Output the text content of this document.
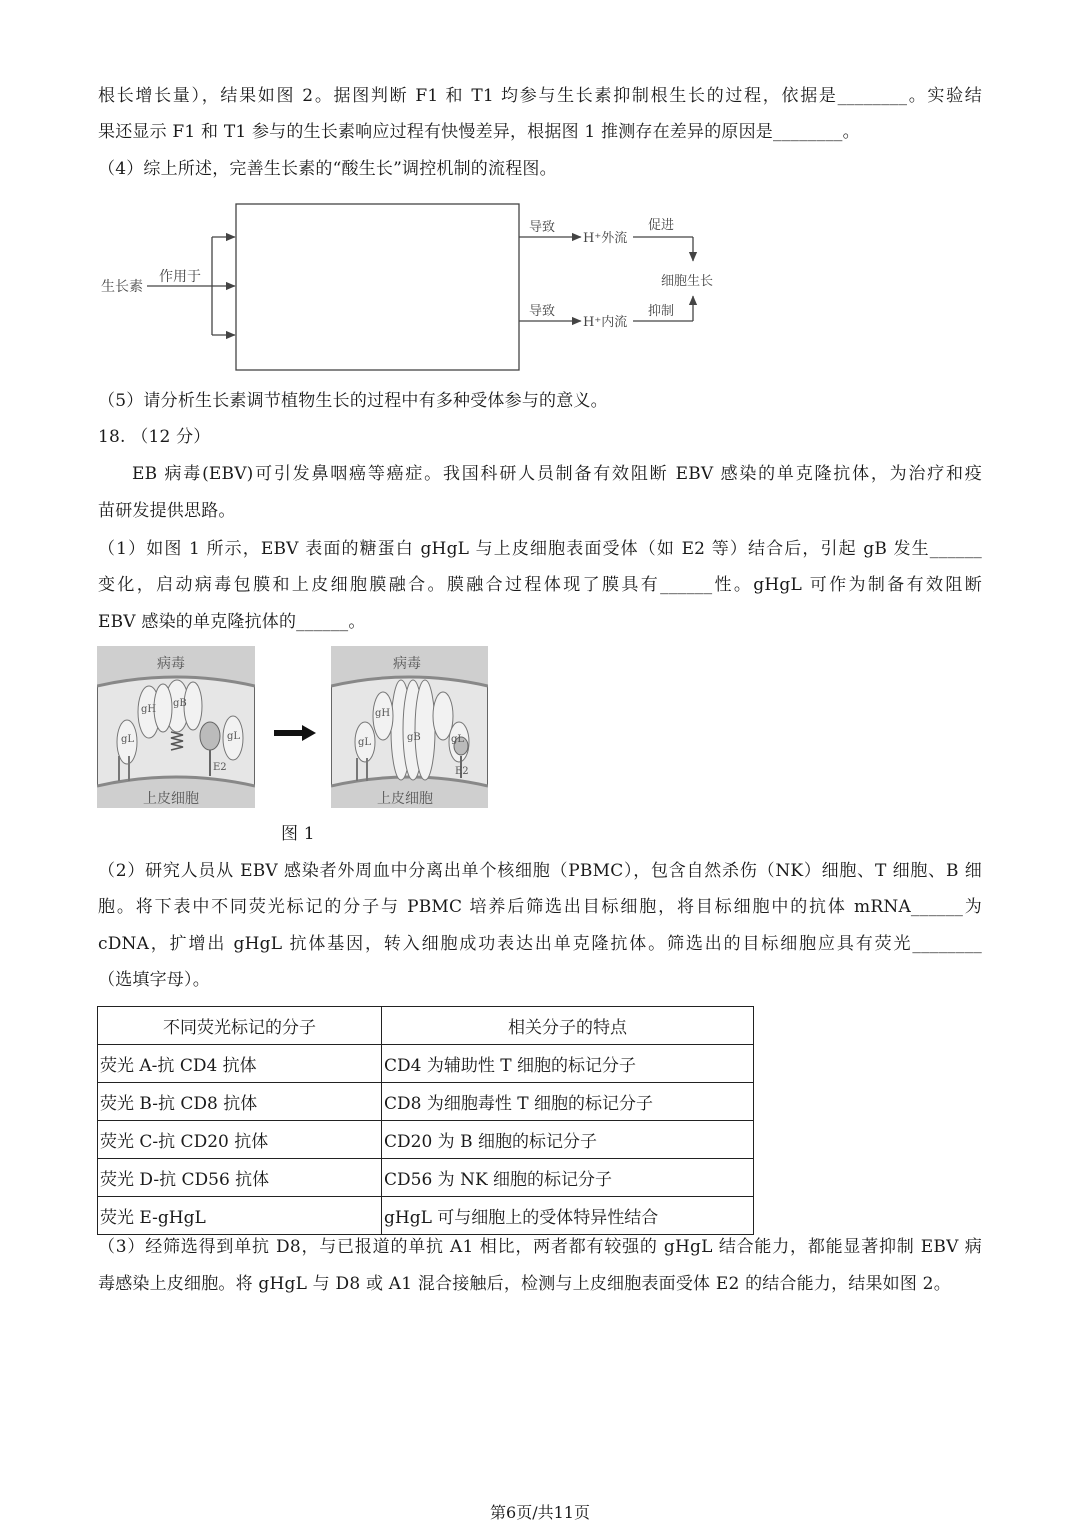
根长增长量），结果如图 2。据图判断 F1 和 T1 均参与生长素抑制根生长的过程，依据是________。实验结
果还显示 F1 和 T1 参与的生长素响应过程有快慢差异，根据图 1 推测存在差异的原因是________。
（4）综上所述，完善生长素的“酸生长”调控机制的流程图。
生长素
作用于
导致
H⁺外流
促进
细胞生长
导致
H⁺内流
抑制
（5）请分析生长素调节植物生长的过程中有多种受体参与的意义。
18. （12 分）
EB 病毒(EBV)可引发鼻咽癌等癌症。我国科研人员制备有效阻断 EBV 感染的单克隆抗体，为治疗和疫
苗研发提供思路。
（1）如图 1 所示，EBV 表面的糖蛋白 gHgL 与上皮细胞表面受体（如 E2 等）结合后，引起 gB 发生______
变化，启动病毒包膜和上皮细胞膜融合。膜融合过程体现了膜具有______性。gHgL 可作为制备有效阻断
EBV 感染的单克隆抗体的______。
病毒
gH
gB
gL	gL
E2
上皮细胞
病毒
gH
gB
gL	gL
E2
上皮细胞
图 1
（2）研究人员从 EBV 感染者外周血中分离出单个核细胞（PBMC），包含自然杀伤（NK）细胞、T 细胞、B 细
胞。将下表中不同荧光标记的分子与 PBMC 培养后筛选出目标细胞，将目标细胞中的抗体 mRNA______为
cDNA，扩增出 gHgL 抗体基因，转入细胞成功表达出单克隆抗体。筛选出的目标细胞应具有荧光________
（选填字母）。
不同荧光标记的分子	相关分子的特点
荧光 A-抗 CD4 抗体	CD4 为辅助性 T 细胞的标记分子
荧光 B-抗 CD8 抗体	CD8 为细胞毒性 T 细胞的标记分子
荧光 C-抗 CD20 抗体	CD20 为 B 细胞的标记分子
荧光 D-抗 CD56 抗体	CD56 为 NK 细胞的标记分子
荧光 E-gHgL	gHgL 可与细胞上的受体特异性结合
（3）经筛选得到单抗 D8，与已报道的单抗 A1 相比，两者都有较强的 gHgL 结合能力，都能显著抑制 EBV 病
毒感染上皮细胞。将 gHgL 与 D8 或 A1 混合接触后，检测与上皮细胞表面受体 E2 的结合能力，结果如图 2。
第6页/共11页
